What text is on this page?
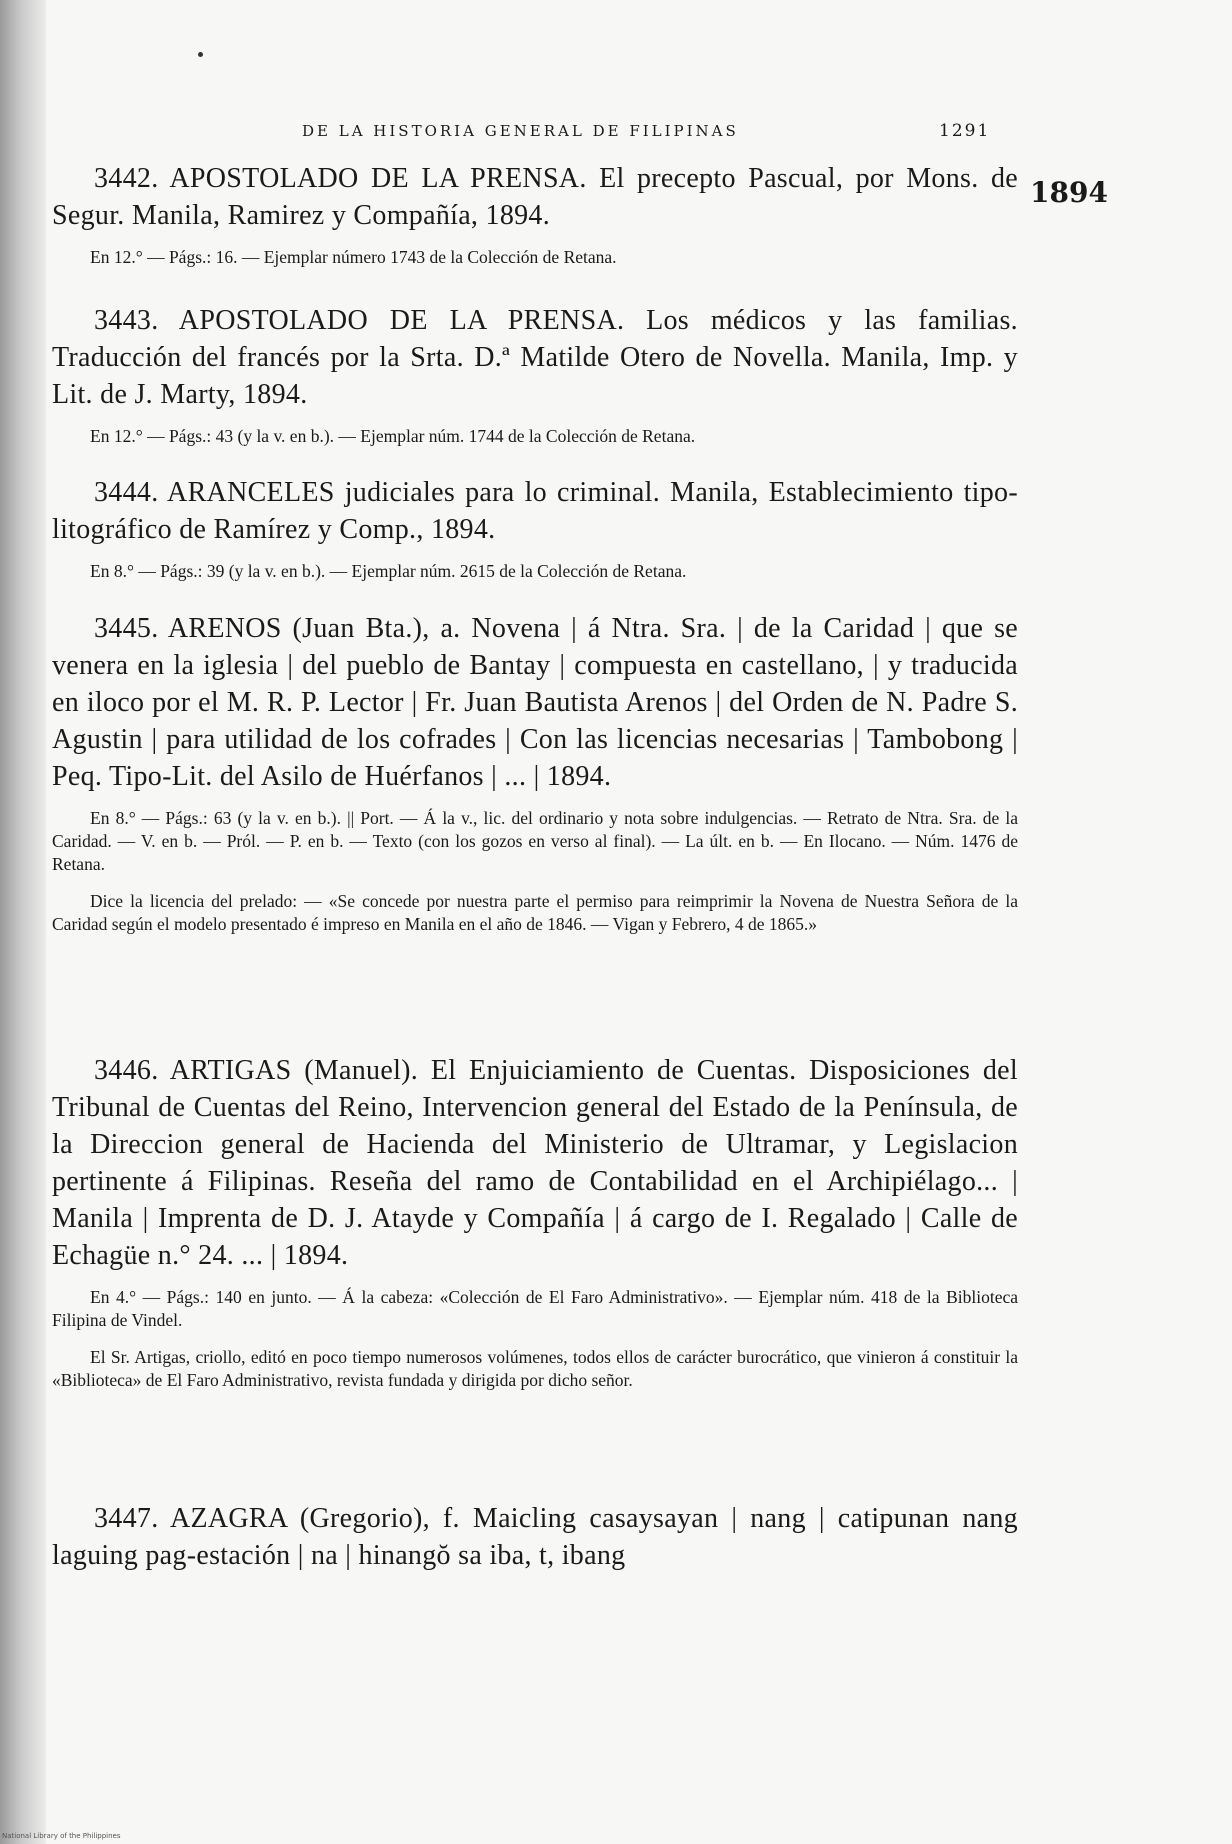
DE LA HISTORIA GENERAL DE FILIPINAS	1291
1894
3442. APOSTOLADO DE LA PRENSA. El precepto Pascual, por Mons. de Segur. Manila, Ramirez y Compañía, 1894.
En 12.° — Págs.: 16. — Ejemplar número 1743 de la Colección de Retana.
3443. APOSTOLADO DE LA PRENSA. Los médicos y las familias. Traducción del francés por la Srta. D.ª Matilde Otero de Novella. Manila, Imp. y Lit. de J. Marty, 1894.
En 12.° — Págs.: 43 (y la v. en b.). — Ejemplar núm. 1744 de la Colección de Retana.
3444. ARANCELES judiciales para lo criminal. Manila, Establecimiento tipo-litográfico de Ramírez y Comp., 1894.
En 8.° — Págs.: 39 (y la v. en b.). — Ejemplar núm. 2615 de la Colección de Retana.
3445. ARENOS (Juan Bta.), a. Novena | á Ntra. Sra. | de la Caridad | que se venera en la iglesia | del pueblo de Bantay | compuesta en castellano, | y traducida en iloco por el M. R. P. Lector | Fr. Juan Bautista Arenos | del Orden de N. Padre S. Agustin | para utilidad de los cofrades | Con las licencias necesarias | Tambobong | Peq. Tipo-Lit. del Asilo de Huérfanos | ... | 1894.
En 8.° — Págs.: 63 (y la v. en b.). || Port. — Á la v., lic. del ordinario y nota sobre indulgencias. — Retrato de Ntra. Sra. de la Caridad. — V. en b. — Pról. — P. en b. — Texto (con los gozos en verso al final). — La últ. en b. — En Ilocano. — Núm. 1476 de Retana.
Dice la licencia del prelado: — «Se concede por nuestra parte el permiso para reimprimir la Novena de Nuestra Señora de la Caridad según el modelo presentado é impreso en Manila en el año de 1846. — Vigan y Febrero, 4 de 1865.»
3446. ARTIGAS (Manuel). El Enjuiciamiento de Cuentas. Disposiciones del Tribunal de Cuentas del Reino, Intervencion general del Estado de la Península, de la Direccion general de Hacienda del Ministerio de Ultramar, y Legislacion pertinente á Filipinas. Reseña del ramo de Contabilidad en el Archipiélago... | Manila | Imprenta de D. J. Atayde y Compañía | á cargo de I. Regalado | Calle de Echagüe n.° 24. ... | 1894.
En 4.° — Págs.: 140 en junto. — Á la cabeza: «Colección de El Faro Administrativo». — Ejemplar núm. 418 de la Biblioteca Filipina de Vindel.
El Sr. Artigas, criollo, editó en poco tiempo numerosos volúmenes, todos ellos de carácter burocrático, que vinieron á constituir la «Biblioteca» de El Faro Administrativo, revista fundada y dirigida por dicho señor.
3447. AZAGRA (Gregorio), f. Maicling casaysayan | nang | catipunan nang laguing pag-estación | na | hinangŏ sa iba, t, ibang
National Library of the Philippines
